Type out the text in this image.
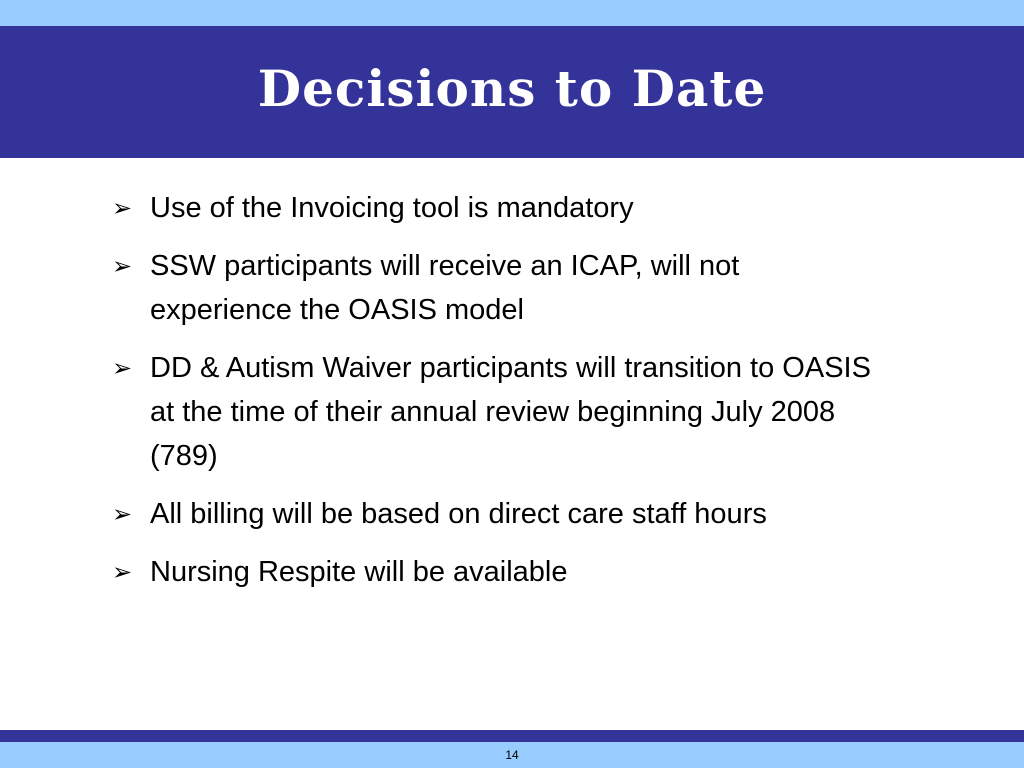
Decisions to Date
➢ Use of the Invoicing tool is mandatory
➢ SSW participants will receive an ICAP, will not experience the OASIS model
➢ DD & Autism Waiver participants will transition to OASIS at the time of their annual review beginning July 2008 (789)
➢ All billing will be based on direct care staff hours
➢ Nursing Respite will be available
14
